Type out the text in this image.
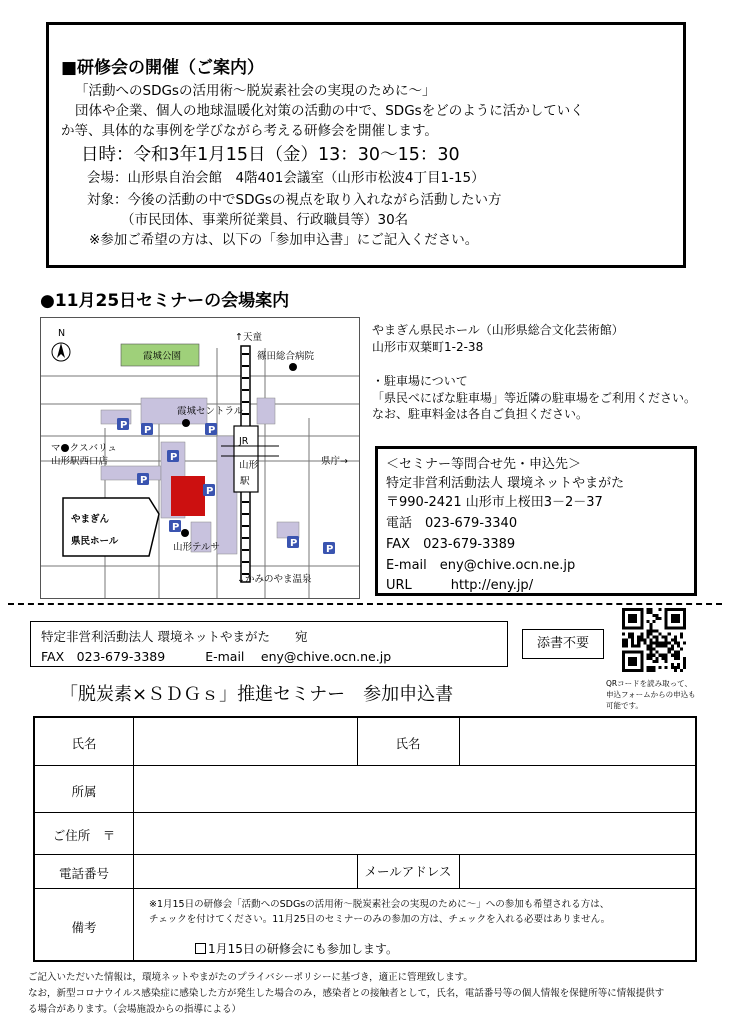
■研修会の開催（ご案内）
「活動へのSDGsの活用術～脱炭素社会の実現のために～」
団体や企業、個人の地球温暖化対策の活動の中で、SDGsをどのように活かしていく
か等、具体的な事例を学びながら考える研修会を開催します。
日時：令和3年1月15日（金）13：30～15：30
会場：山形県自治会館　4階401会議室（山形市松波4丁目1-15）
対象：今後の活動の中でSDGsの視点を取り入れながら活動したい方
（市民団体、事業所従業員、行政職員等）30名
※参加ご希望の方は、以下の「参加申込書」にご記入ください。
●11月25日セミナーの会場案内
N	↑天童
霞城公園	篠田総合病院
霞城セントラル
マックスバリュ
山形駅西口店
JR
山形
駅
県庁→
やまぎん
県民ホール
山形テルサ
↓かみのやま温泉
P P	P
P
P
P
P
P
P
やまぎん県民ホール（山形県総合文化芸術館）
山形市双葉町1-2-38
・駐車場について
「県民べにばな駐車場」等近隣の駐車場をご利用ください。
なお、駐車料金は各自ご負担ください。
＜セミナー等問合せ先・申込先＞
特定非営利活動法人 環境ネットやまがた
〒990-2421 山形市上桜田3－2－37
電話　023-679-3340
FAX　023-679-3389
E-mail　eny@chive.ocn.ne.jp
URL　　　http://eny.jp/
特定非営利活動法人 環境ネットやまがた　　宛
FAX　023-679-3389	E-mail　 eny@chive.ocn.ne.jp
添書不要
QRコードを読み取って、
申込フォームからの申込も
可能です。
「脱炭素×ＳＤＧｓ」推進セミナー　参加申込書
氏名	氏名
所属
ご住所　〒
電話番号	メールアドレス
備考
※1月15日の研修会「活動へのSDGsの活用術～脱炭素社会の実現のために～」への参加も希望される方は、
チェックを付けてください。11月25日のセミナーのみの参加の方は、チェックを入れる必要はありません。
1月15日の研修会にも参加します。
ご記入いただいた情報は，環境ネットやまがたのプライバシーポリシーに基づき，適正に管理致します。
なお，新型コロナウイルス感染症に感染した方が発生した場合のみ，感染者との接触者として，氏名，電話番号等の個人情報を保健所等に情報提供す
る場合があります。（会場施設からの指導による）
